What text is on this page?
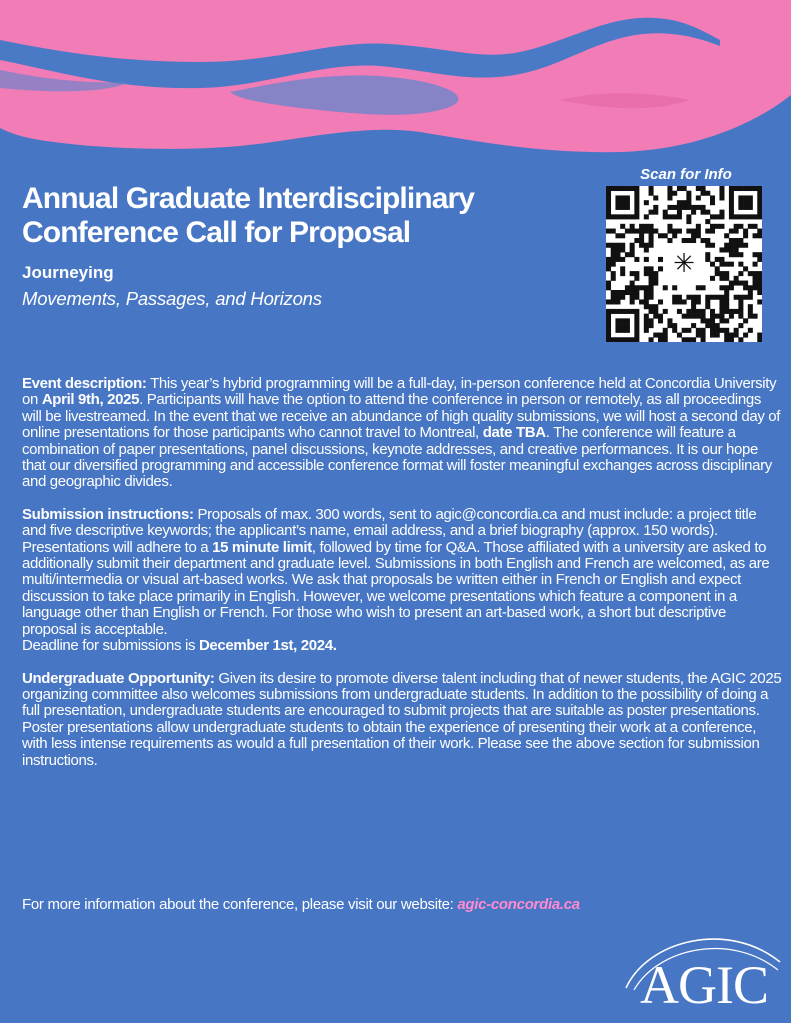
Annual Graduate Interdisciplinary Conference Call for Proposal
Journeying
Movements, Passages, and Horizons
Scan for Info
✳

Event description: This year’s hybrid programming will be a full-day, in-person conference held at Concordia University on April 9th, 2025. Participants will have the option to attend the conference in person or remotely, as all proceedings will be livestreamed. In the event that we receive an abundance of high quality submissions, we will host a second day of online presentations for those participants who cannot travel to Montreal, date TBA. The conference will feature a combination of paper presentations, panel discussions, keynote addresses, and creative performances. It is our hope that our diversified programming and accessible conference format will foster meaningful exchanges across disciplinary and geographic divides.

Submission instructions: Proposals of max. 300 words, sent to agic@concordia.ca and must include: a project title and five descriptive keywords; the applicant’s name, email address, and a brief biography (approx. 150 words). Presentations will adhere to a 15 minute limit, followed by time for Q&A. Those affiliated with a university are asked to additionally submit their department and graduate level. Submissions in both English and French are welcomed, as are multi/intermedia or visual art-based works. We ask that proposals be written either in French or English and expect discussion to take place primarily in English. However, we welcome presentations which feature a component in a language other than English or French. For those who wish to present an art-based work, a short but descriptive proposal is acceptable.
Deadline for submissions is December 1st, 2024.

Undergraduate Opportunity: Given its desire to promote diverse talent including that of newer students, the AGIC 2025 organizing committee also welcomes submissions from undergraduate students. In addition to the possibility of doing a full presentation, undergraduate students are encouraged to submit projects that are suitable as poster presentations. Poster presentations allow undergraduate students to obtain the experience of presenting their work at a conference, with less intense requirements as would a full presentation of their work. Please see the above section for submission instructions.

For more information about the conference, please visit our website: agic-concordia.ca
AGIC
